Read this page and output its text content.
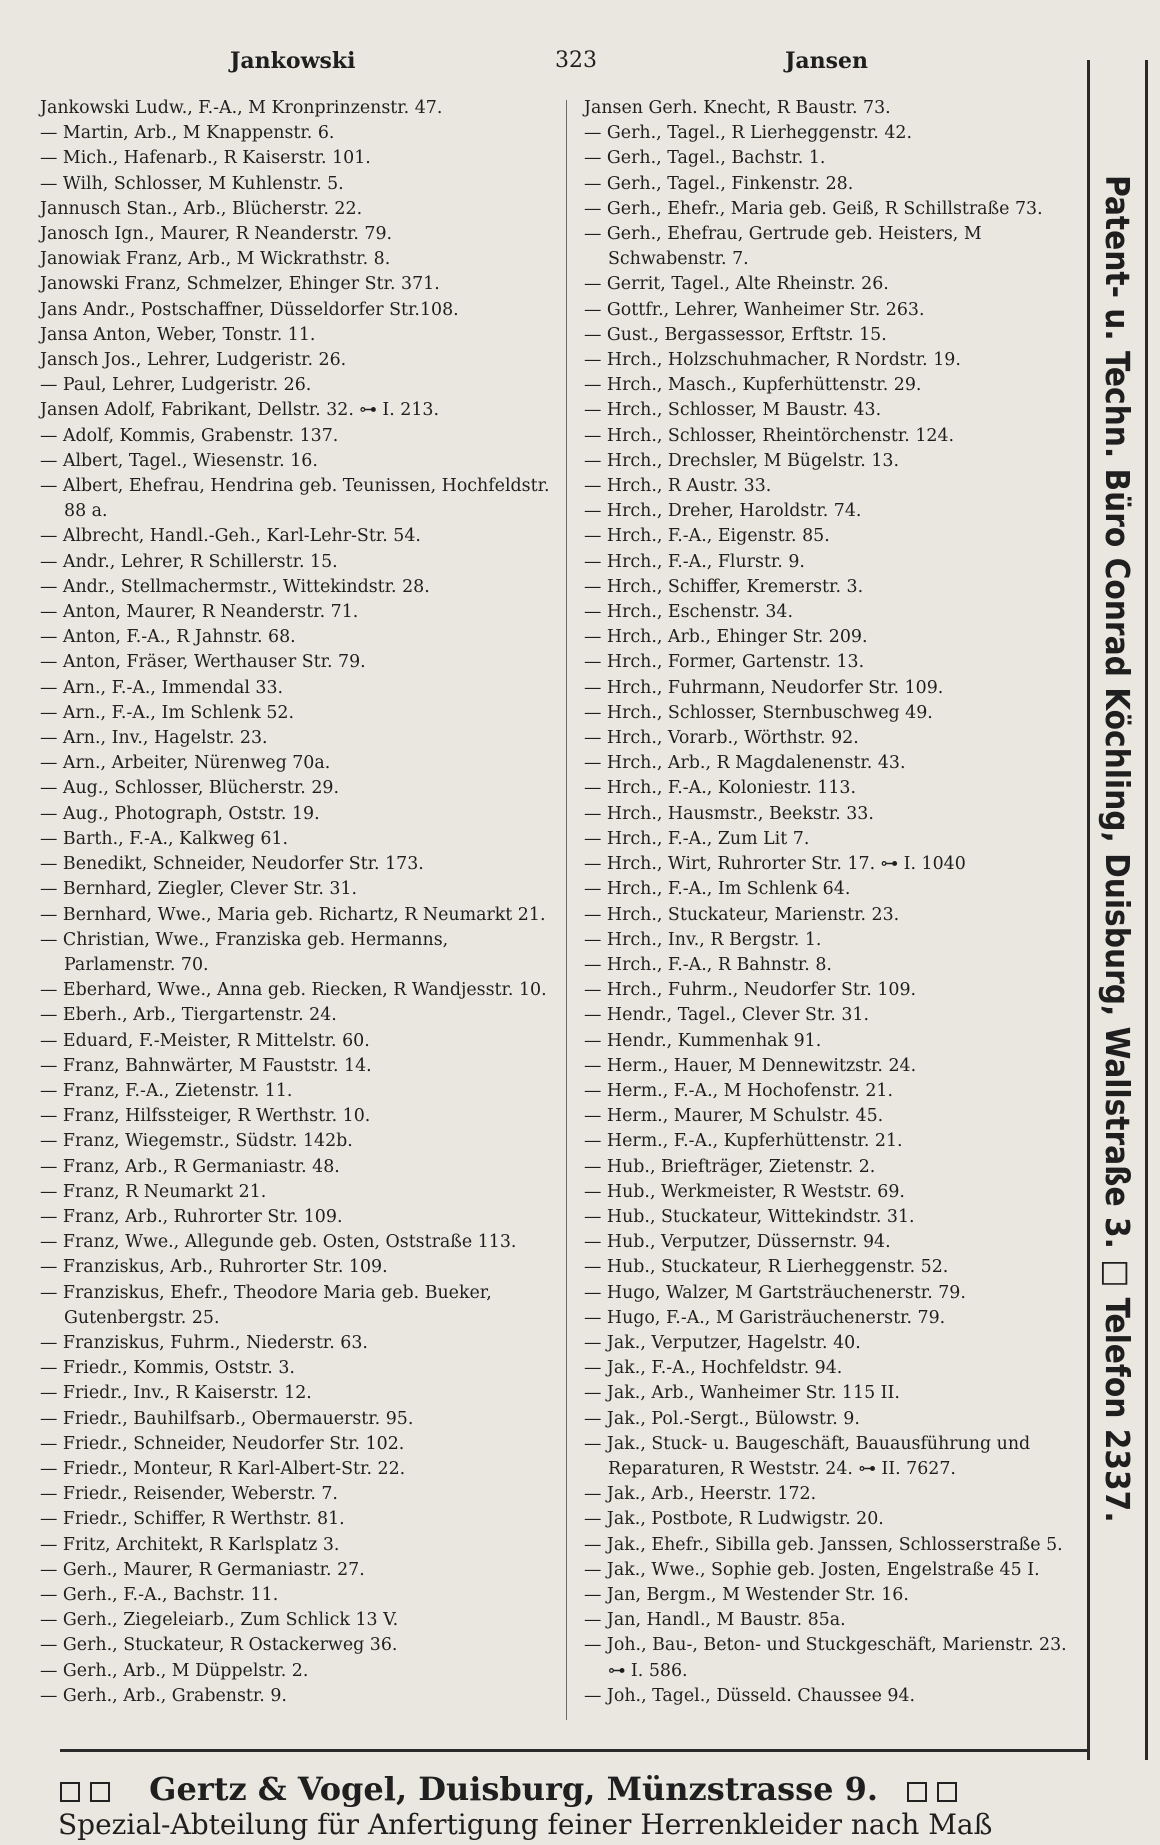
Jankowski	323	Jansen
Jankowski Ludw., F.-A., M Kronprinzenstr. 47.
— Martin, Arb., M Knappenstr. 6.
— Mich., Hafenarb., R Kaiserstr. 101.
— Wilh, Schlosser, M Kuhlenstr. 5.
Jannusch Stan., Arb., Blücherstr. 22.
Janosch Ign., Maurer, R Neanderstr. 79.
Janowiak Franz, Arb., M Wickrathstr. 8.
Janowski Franz, Schmelzer, Ehinger Str. 371.
Jans Andr., Postschaffner, Düsseldorfer Str.108.
Jansa Anton, Weber, Tonstr. 11.
Jansch Jos., Lehrer, Ludgeristr. 26.
— Paul, Lehrer, Ludgeristr. 26.
Jansen Adolf, Fabrikant, Dellstr. 32. ⊶ I. 213.
— Adolf, Kommis, Grabenstr. 137.
— Albert, Tagel., Wiesenstr. 16.
— Albert, Ehefrau, Hendrina geb. Teunissen, Hochfeldstr. 88 a.
— Albrecht, Handl.-Geh., Karl-Lehr-Str. 54.
— Andr., Lehrer, R Schillerstr. 15.
— Andr., Stellmachermstr., Wittekindstr. 28.
— Anton, Maurer, R Neanderstr. 71.
— Anton, F.-A., R Jahnstr. 68.
— Anton, Fräser, Werthauser Str. 79.
— Arn., F.-A., Immendal 33.
— Arn., F.-A., Im Schlenk 52.
— Arn., Inv., Hagelstr. 23.
— Arn., Arbeiter, Nürenweg 70a.
— Aug., Schlosser, Blücherstr. 29.
— Aug., Photograph, Oststr. 19.
— Barth., F.-A., Kalkweg 61.
— Benedikt, Schneider, Neudorfer Str. 173.
— Bernhard, Ziegler, Clever Str. 31.
— Bernhard, Wwe., Maria geb. Richartz, R Neumarkt 21.
— Christian, Wwe., Franziska geb. Hermanns, Parlamenstr. 70.
— Eberhard, Wwe., Anna geb. Riecken, R Wandjesstr. 10.
— Eberh., Arb., Tiergartenstr. 24.
— Eduard, F.-Meister, R Mittelstr. 60.
— Franz, Bahnwärter, M Fauststr. 14.
— Franz, F.-A., Zietenstr. 11.
— Franz, Hilfssteiger, R Werthstr. 10.
— Franz, Wiegemstr., Südstr. 142b.
— Franz, Arb., R Germaniastr. 48.
— Franz, R Neumarkt 21.
— Franz, Arb., Ruhrorter Str. 109.
— Franz, Wwe., Allegunde geb. Osten, Oststraße 113.
— Franziskus, Arb., Ruhrorter Str. 109.
— Franziskus, Ehefr., Theodore Maria geb. Bueker, Gutenbergstr. 25.
— Franziskus, Fuhrm., Niederstr. 63.
— Friedr., Kommis, Oststr. 3.
— Friedr., Inv., R Kaiserstr. 12.
— Friedr., Bauhilfsarb., Obermauerstr. 95.
— Friedr., Schneider, Neudorfer Str. 102.
— Friedr., Monteur, R Karl-Albert-Str. 22.
— Friedr., Reisender, Weberstr. 7.
— Friedr., Schiffer, R Werthstr. 81.
— Fritz, Architekt, R Karlsplatz 3.
— Gerh., Maurer, R Germaniastr. 27.
— Gerh., F.-A., Bachstr. 11.
— Gerh., Ziegeleiarb., Zum Schlick 13 V.
— Gerh., Stuckateur, R Ostackerweg 36.
— Gerh., Arb., M Düppelstr. 2.
— Gerh., Arb., Grabenstr. 9.
Jansen Gerh. Knecht, R Baustr. 73.
— Gerh., Tagel., R Lierheggenstr. 42.
— Gerh., Tagel., Bachstr. 1.
— Gerh., Tagel., Finkenstr. 28.
— Gerh., Ehefr., Maria geb. Geiß, R Schillstraße 73.
— Gerh., Ehefrau, Gertrude geb. Heisters, M Schwabenstr. 7.
— Gerrit, Tagel., Alte Rheinstr. 26.
— Gottfr., Lehrer, Wanheimer Str. 263.
— Gust., Bergassessor, Erftstr. 15.
— Hrch., Holzschuhmacher, R Nordstr. 19.
— Hrch., Masch., Kupferhüttenstr. 29.
— Hrch., Schlosser, M Baustr. 43.
— Hrch., Schlosser, Rheintörchenstr. 124.
— Hrch., Drechsler, M Bügelstr. 13.
— Hrch., R Austr. 33.
— Hrch., Dreher, Haroldstr. 74.
— Hrch., F.-A., Eigenstr. 85.
— Hrch., F.-A., Flurstr. 9.
— Hrch., Schiffer, Kremerstr. 3.
— Hrch., Eschenstr. 34.
— Hrch., Arb., Ehinger Str. 209.
— Hrch., Former, Gartenstr. 13.
— Hrch., Fuhrmann, Neudorfer Str. 109.
— Hrch., Schlosser, Sternbuschweg 49.
— Hrch., Vorarb., Wörthstr. 92.
— Hrch., Arb., R Magdalenenstr. 43.
— Hrch., F.-A., Koloniestr. 113.
— Hrch., Hausmstr., Beekstr. 33.
— Hrch., F.-A., Zum Lit 7.
— Hrch., Wirt, Ruhrorter Str. 17. ⊶ I. 1040
— Hrch., F.-A., Im Schlenk 64.
— Hrch., Stuckateur, Marienstr. 23.
— Hrch., Inv., R Bergstr. 1.
— Hrch., F.-A., R Bahnstr. 8.
— Hrch., Fuhrm., Neudorfer Str. 109.
— Hendr., Tagel., Clever Str. 31.
— Hendr., Kummenhak 91.
— Herm., Hauer, M Dennewitzstr. 24.
— Herm., F.-A., M Hochofenstr. 21.
— Herm., Maurer, M Schulstr. 45.
— Herm., F.-A., Kupferhüttenstr. 21.
— Hub., Briefträger, Zietenstr. 2.
— Hub., Werkmeister, R Weststr. 69.
— Hub., Stuckateur, Wittekindstr. 31.
— Hub., Verputzer, Düssernstr. 94.
— Hub., Stuckateur, R Lierheggenstr. 52.
— Hugo, Walzer, M Gartsträuchenerstr. 79.
— Hugo, F.-A., M Garisträuchenerstr. 79.
— Jak., Verputzer, Hagelstr. 40.
— Jak., F.-A., Hochfeldstr. 94.
— Jak., Arb., Wanheimer Str. 115 II.
— Jak., Pol.-Sergt., Bülowstr. 9.
— Jak., Stuck- u. Baugeschäft, Bauausführung und Reparaturen, R Weststr. 24. ⊶ II. 7627.
— Jak., Arb., Heerstr. 172.
— Jak., Postbote, R Ludwigstr. 20.
— Jak., Ehefr., Sibilla geb. Janssen, Schlosserstraße 5.
— Jak., Wwe., Sophie geb. Josten, Engelstraße 45 I.
— Jan, Bergm., M Westender Str. 16.
— Jan, Handl., M Baustr. 85a.
— Joh., Bau-, Beton- und Stuckgeschäft, Marienstr. 23. ⊶ I. 586.
— Joh., Tagel., Düsseld. Chaussee 94.
Patent- u. Techn. Büro Conrad Köchling, Duisburg, Wallstraße 3. □ Telefon 2337.
Gertz & Vogel, Duisburg, Münzstrasse 9.
Spezial-Abteilung für Anfertigung feiner Herrenkleider nach Maß
